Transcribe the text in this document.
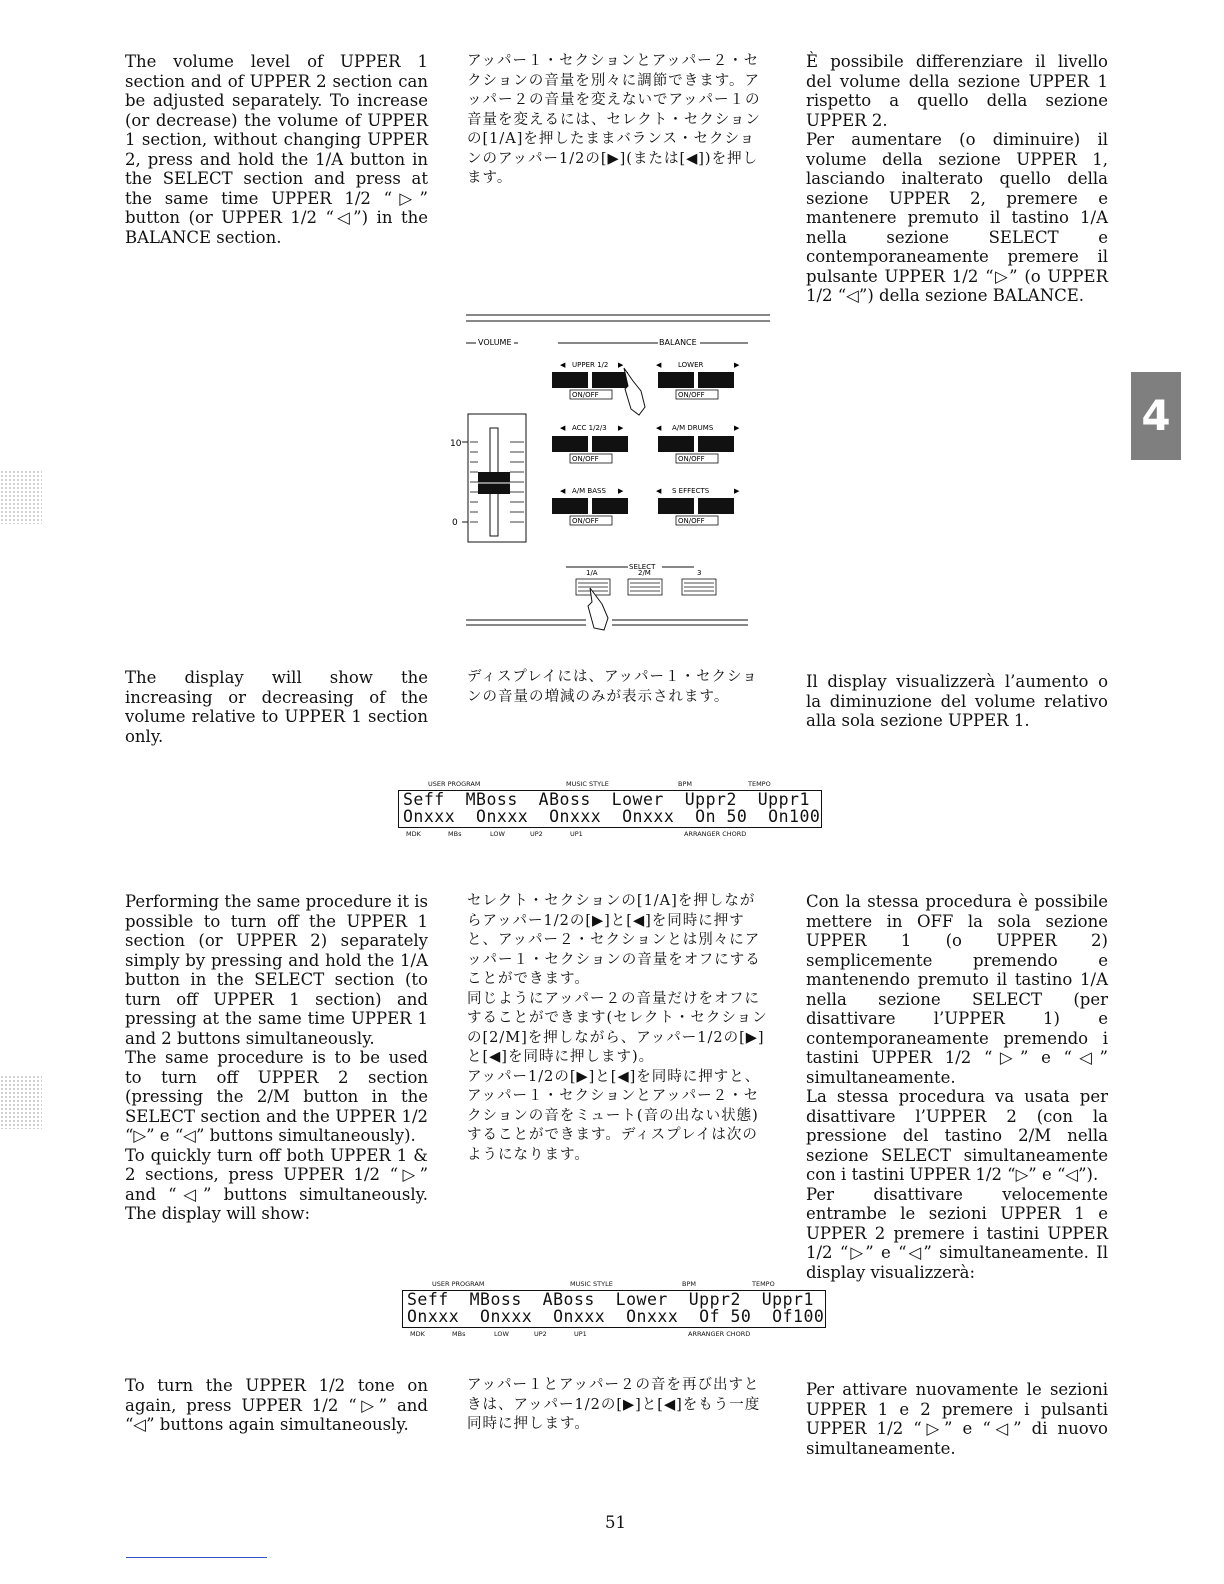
4

The volume level of UPPER 1 section and of UPPER 2 section can be adjusted separately. To increase (or decrease) the volume of UPPER 1 section, without changing UPPER 2, press and hold the 1/A button in the SELECT section and press at the same time UPPER 1/2 “▷” button (or UPPER 1/2 “◁”) in the BALANCE section.

アッパー１・セクションとアッパー２・セクションの音量を別々に調節できます。アッパー２の音量を変えないでアッパー１の音量を変えるには、セレクト・セクションの[1/A]を押したままバランス・セクションのアッパー1/2の[▶](または[◀])を押します。

È possibile differenziare il livello del volume della sezione UPPER 1 rispetto a quello della sezione UPPER 2.
Per aumentare (o diminuire) il volume della sezione UPPER 1, lasciando inalterato quello della sezione UPPER 2, premere e mantenere premuto il tastino 1/A nella sezione SELECT e contemporaneamente premere il pulsante UPPER 1/2 “▷” (o UPPER 1/2 “◁”) della sezione BALANCE.

VOLUME	BALANCE
◀ UPPER 1/2 ▶	◀ LOWER	▶
ON/OFF	ON/OFF
◀ ACC 1/2/3 ▶	◀ A/M DRUMS	▶
ON/OFF	ON/OFF
◀ A/M BASS ▶	◀ S EFFECTS	▶
ON/OFF	ON/OFF
10
0
SELECT
1/A	2/M	3

The display will show the increasing or decreasing of the volume relative to UPPER 1 section only.

ディスプレイには、アッパー１・セクションの音量の増減のみが表示されます。

Il display visualizzerà l’aumento o la diminuzione del volume relativo alla sola sezione UPPER 1.

USER PROGRAM	MUSIC STYLE	BPM	TEMPO
Seff  MBoss  ABoss  Lower  Uppr2  Uppr1
Onxxx  Onxxx  Onxxx  Onxxx  On 50  On100
MDK	MBs	LOW	UP2	UP1	ARRANGER CHORD

Performing the same procedure it is possible to turn off the UPPER 1 section (or UPPER 2) separately simply by pressing and hold the 1/A button in the SELECT section (to turn off UPPER 1 section) and pressing at the same time UPPER 1 and 2 buttons simultaneously.
The same procedure is to be used to turn off UPPER 2 section (pressing the 2/M button in the SELECT section and the UPPER 1/2 “▷” e “◁” buttons simultaneously).
To quickly turn off both UPPER 1 & 2 sections, press UPPER 1/2 “▷” and “◁” buttons simultaneously. The display will show:

セレクト・セクションの[1/A]を押しながらアッパー1/2の[▶]と[◀]を同時に押すと、アッパー２・セクションとは別々にアッパー１・セクションの音量をオフにすることができます。
同じようにアッパー２の音量だけをオフにすることができます(セレクト・セクションの[2/M]を押しながら、アッパー1/2の[▶]と[◀]を同時に押します)。
アッパー1/2の[▶]と[◀]を同時に押すと、アッパー１・セクションとアッパー２・セクションの音をミュート(音の出ない状態)することができます。ディスプレイは次のようになります。

Con la stessa procedura è possibile mettere in OFF la sola sezione UPPER 1 (o UPPER 2) semplicemente premendo e mantenendo premuto il tastino 1/A nella sezione SELECT (per disattivare l’UPPER 1) e contemporaneamente premendo i tastini UPPER 1/2 “▷” e “◁” simultaneamente.
La stessa procedura va usata per disattivare l’UPPER 2 (con la pressione del tastino 2/M nella sezione SELECT simultaneamente con i tastini UPPER 1/2 “▷” e “◁”).
Per disattivare velocemente entrambe le sezioni UPPER 1 e UPPER 2 premere i tastini UPPER 1/2 “▷” e “◁” simultaneamente. Il display visualizzerà:

USER PROGRAM	MUSIC STYLE	BPM	TEMPO
Seff  MBoss  ABoss  Lower  Uppr2  Uppr1
Onxxx  Onxxx  Onxxx  Onxxx  Of 50  Of100
MDK	MBs	LOW	UP2	UP1	ARRANGER CHORD

To turn the UPPER 1/2 tone on again, press UPPER 1/2 “▷” and “◁” buttons again simultaneously.

アッパー１とアッパー２の音を再び出すときは、アッパー1/2の[▶]と[◀]をもう一度同時に押します。

Per attivare nuovamente le sezioni UPPER 1 e 2 premere i pulsanti UPPER 1/2 “▷” e “◁” di nuovo simultaneamente.

51
